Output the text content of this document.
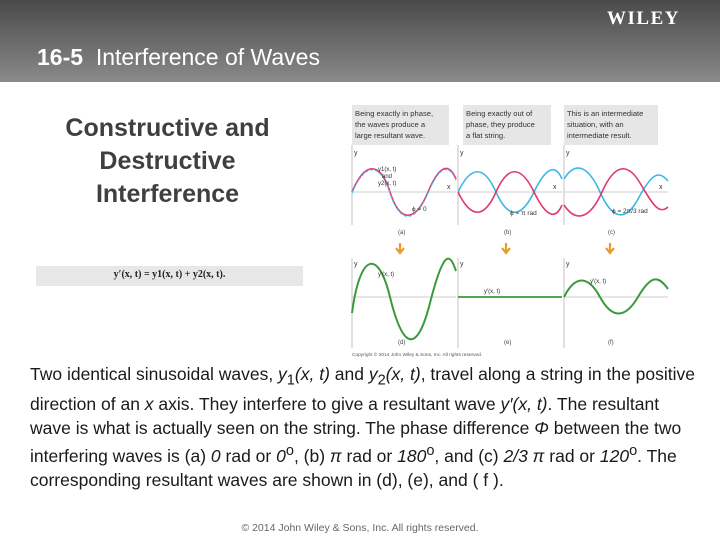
WILEY
16-5 Interference of Waves
Constructive and
Destructive
Interference
y′(x, t) = y1(x, t) + y2(x, t).
Being exactly in phase,
the waves produce a
large resultant wave.
Being exactly out of
phase, they produce
a flat string.
This is an intermediate
situation, with an
intermediate result.
y	y	y
x	x	x
y1(x, t)
and
y2(x, t)
ϕ = 0
ϕ = π rad	ϕ = 2π/3 rad
(a)	(b)	(c)
y	y	y
y′(x, t)
y′(x, t)
y′(x, t)
(d)	(e)	(f)
Copyright © 2014 John Wiley & Sons, Inc. All rights reserved.
Two identical sinusoidal waves, $y_1(x$, t) and $y_2(x$, t), travel along a string in the positive direction of an x axis. They interfere to give a resultant wave y′(x, t). The resultant wave is what is actually seen on the string. The phase difference Φ between the two interfering waves is (a) 0 rad or 0$^o$, (b) π rad or 180$^o$, and (c) 2/3 π rad or 120$^o$. The corresponding resultant waves are shown in (d), (e), and ( f ).
© 2014 John Wiley & Sons, Inc. All rights reserved.
